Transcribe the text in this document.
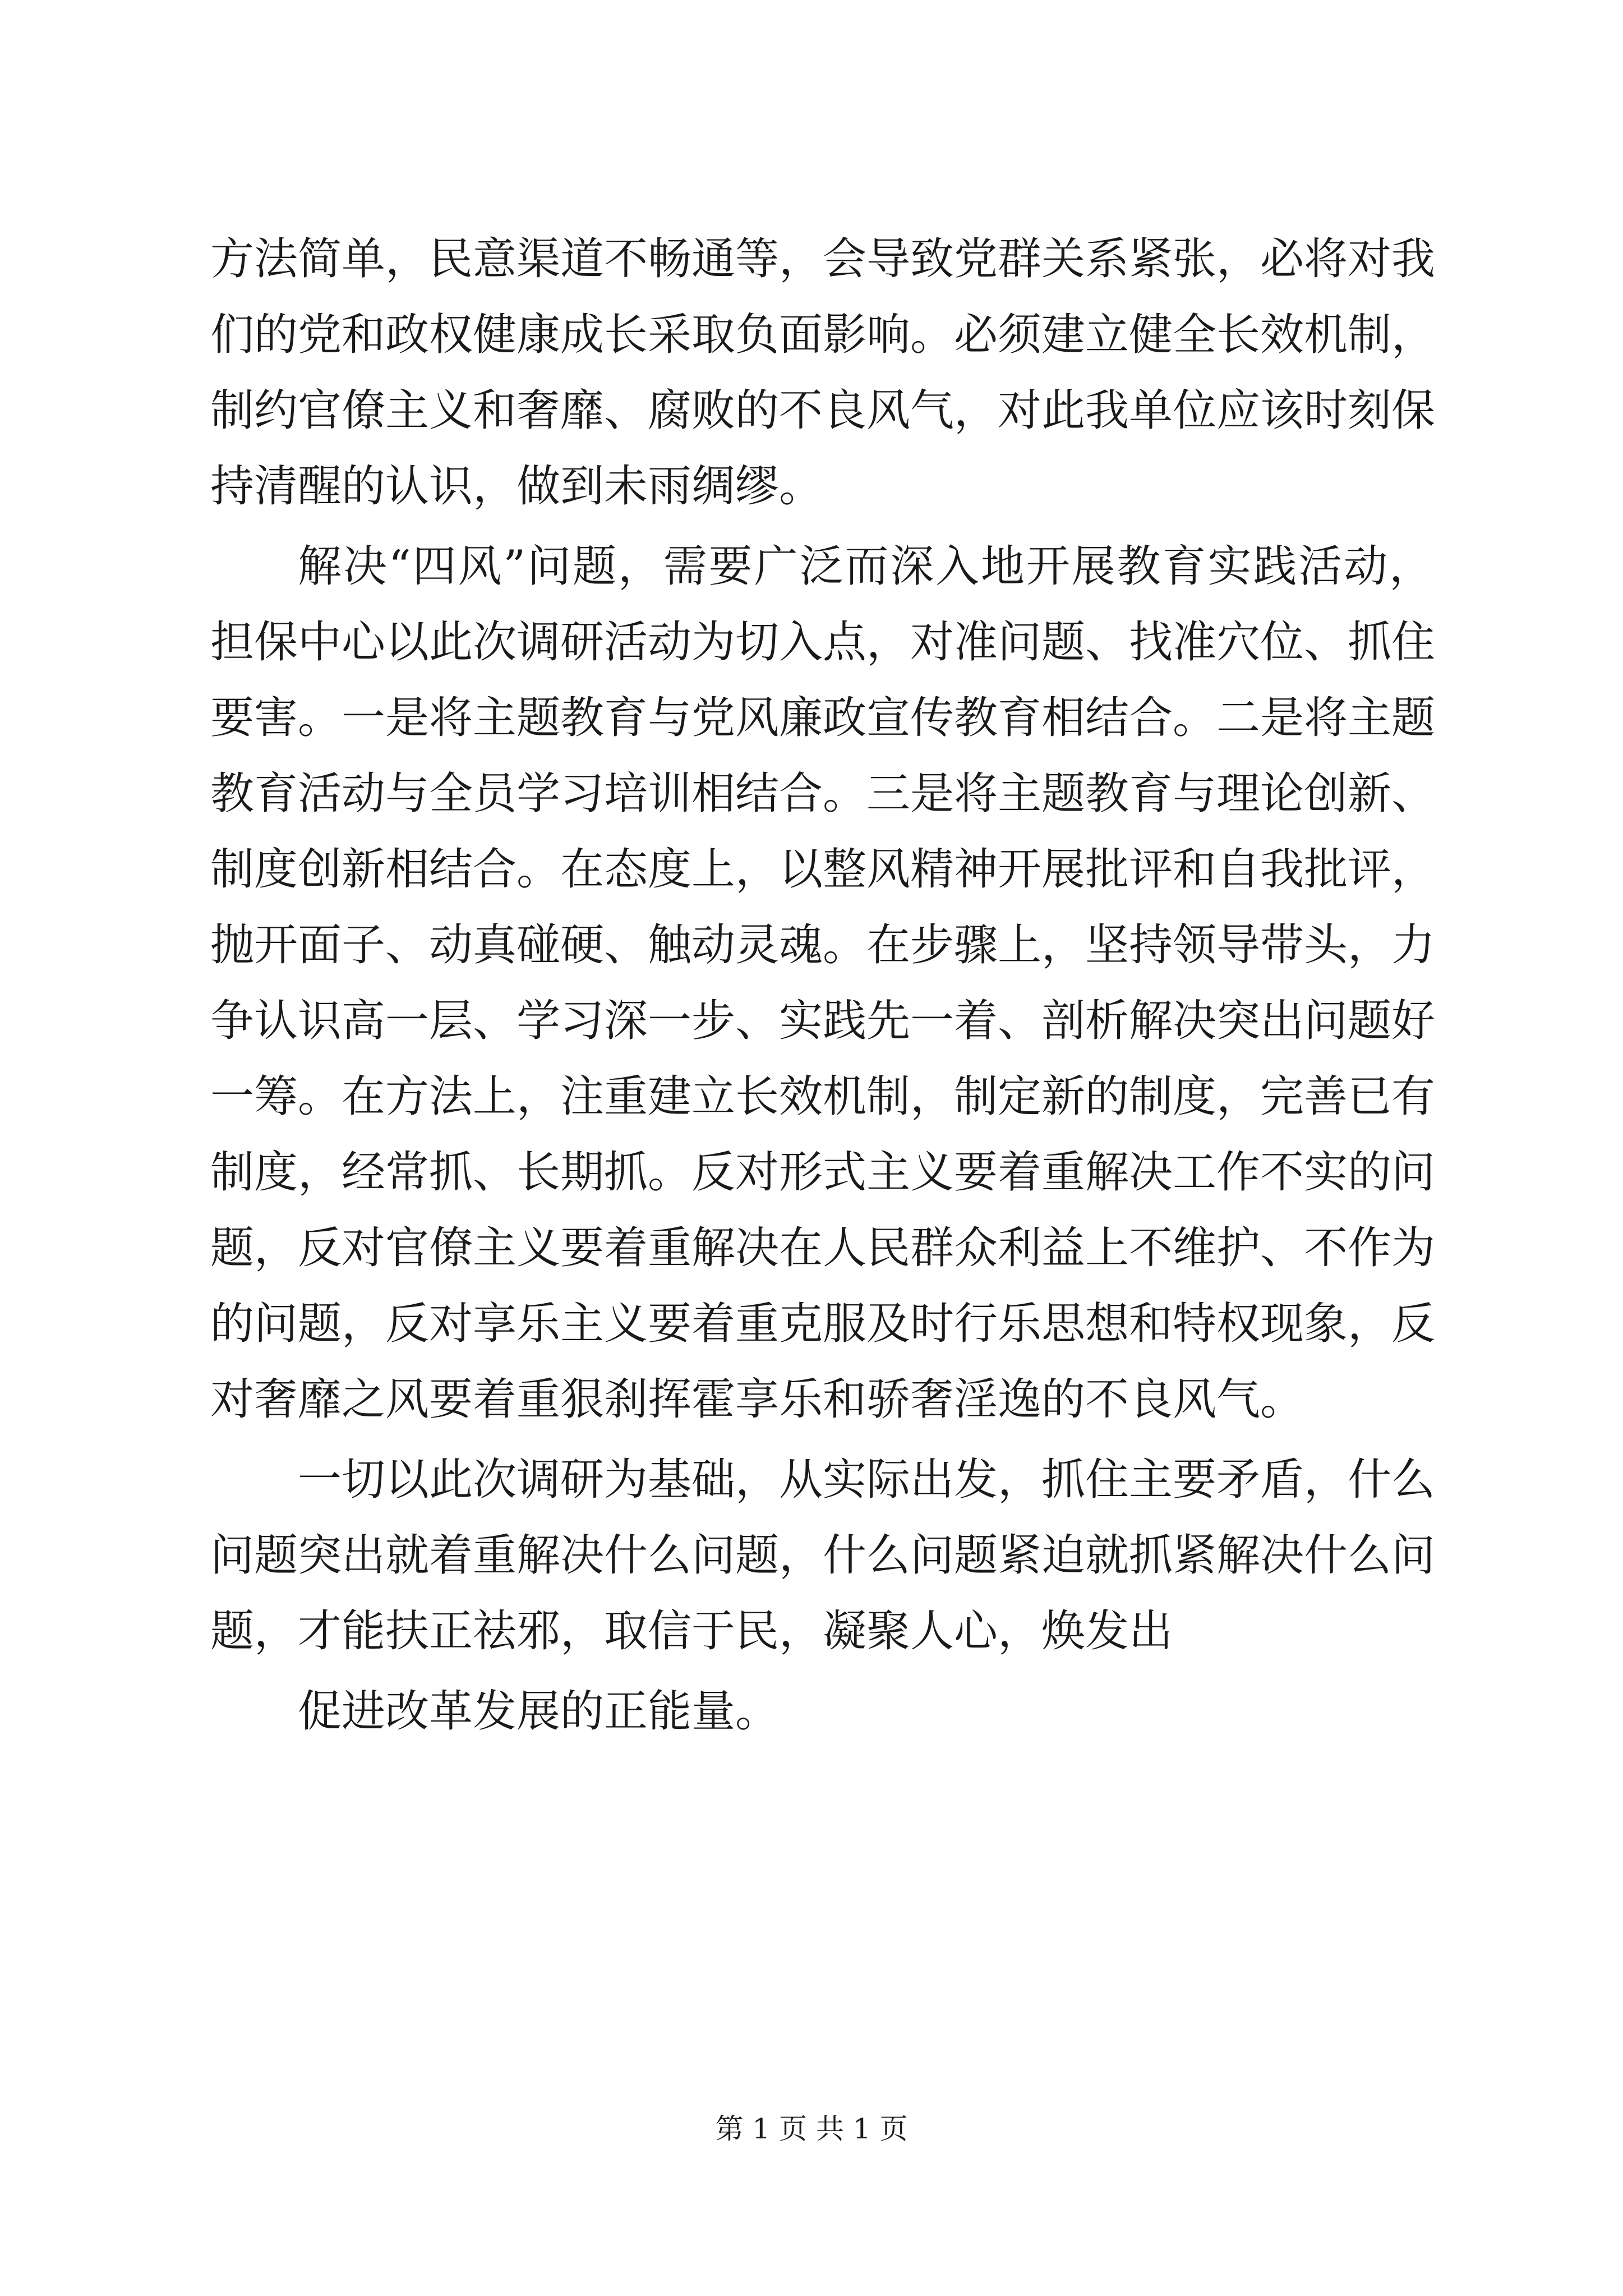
方法简单，民意渠道不畅通等，会导致党群关系紧张，必将对我
们的党和政权健康成长采取负面影响。必须建立健全长效机制，
制约官僚主义和奢靡、腐败的不良风气，对此我单位应该时刻保
持清醒的认识，做到未雨绸缪。
解决“四风”问题，需要广泛而深入地开展教育实践活动，
担保中心以此次调研活动为切入点，对准问题、找准穴位、抓住
要害。一是将主题教育与党风廉政宣传教育相结合。二是将主题
教育活动与全员学习培训相结合。三是将主题教育与理论创新、
制度创新相结合。在态度上，以整风精神开展批评和自我批评，
抛开面子、动真碰硬、触动灵魂。在步骤上，坚持领导带头，力
争认识高一层、学习深一步、实践先一着、剖析解决突出问题好
一筹。在方法上，注重建立长效机制，制定新的制度，完善已有
制度，经常抓、长期抓。反对形式主义要着重解决工作不实的问
题，反对官僚主义要着重解决在人民群众利益上不维护、不作为
的问题，反对享乐主义要着重克服及时行乐思想和特权现象，反
对奢靡之风要着重狠刹挥霍享乐和骄奢淫逸的不良风气。
一切以此次调研为基础，从实际出发，抓住主要矛盾，什么
问题突出就着重解决什么问题，什么问题紧迫就抓紧解决什么问
题，才能扶正祛邪，取信于民，凝聚人心，焕发出
促进改革发展的正能量。
第 1 页 共 1 页
